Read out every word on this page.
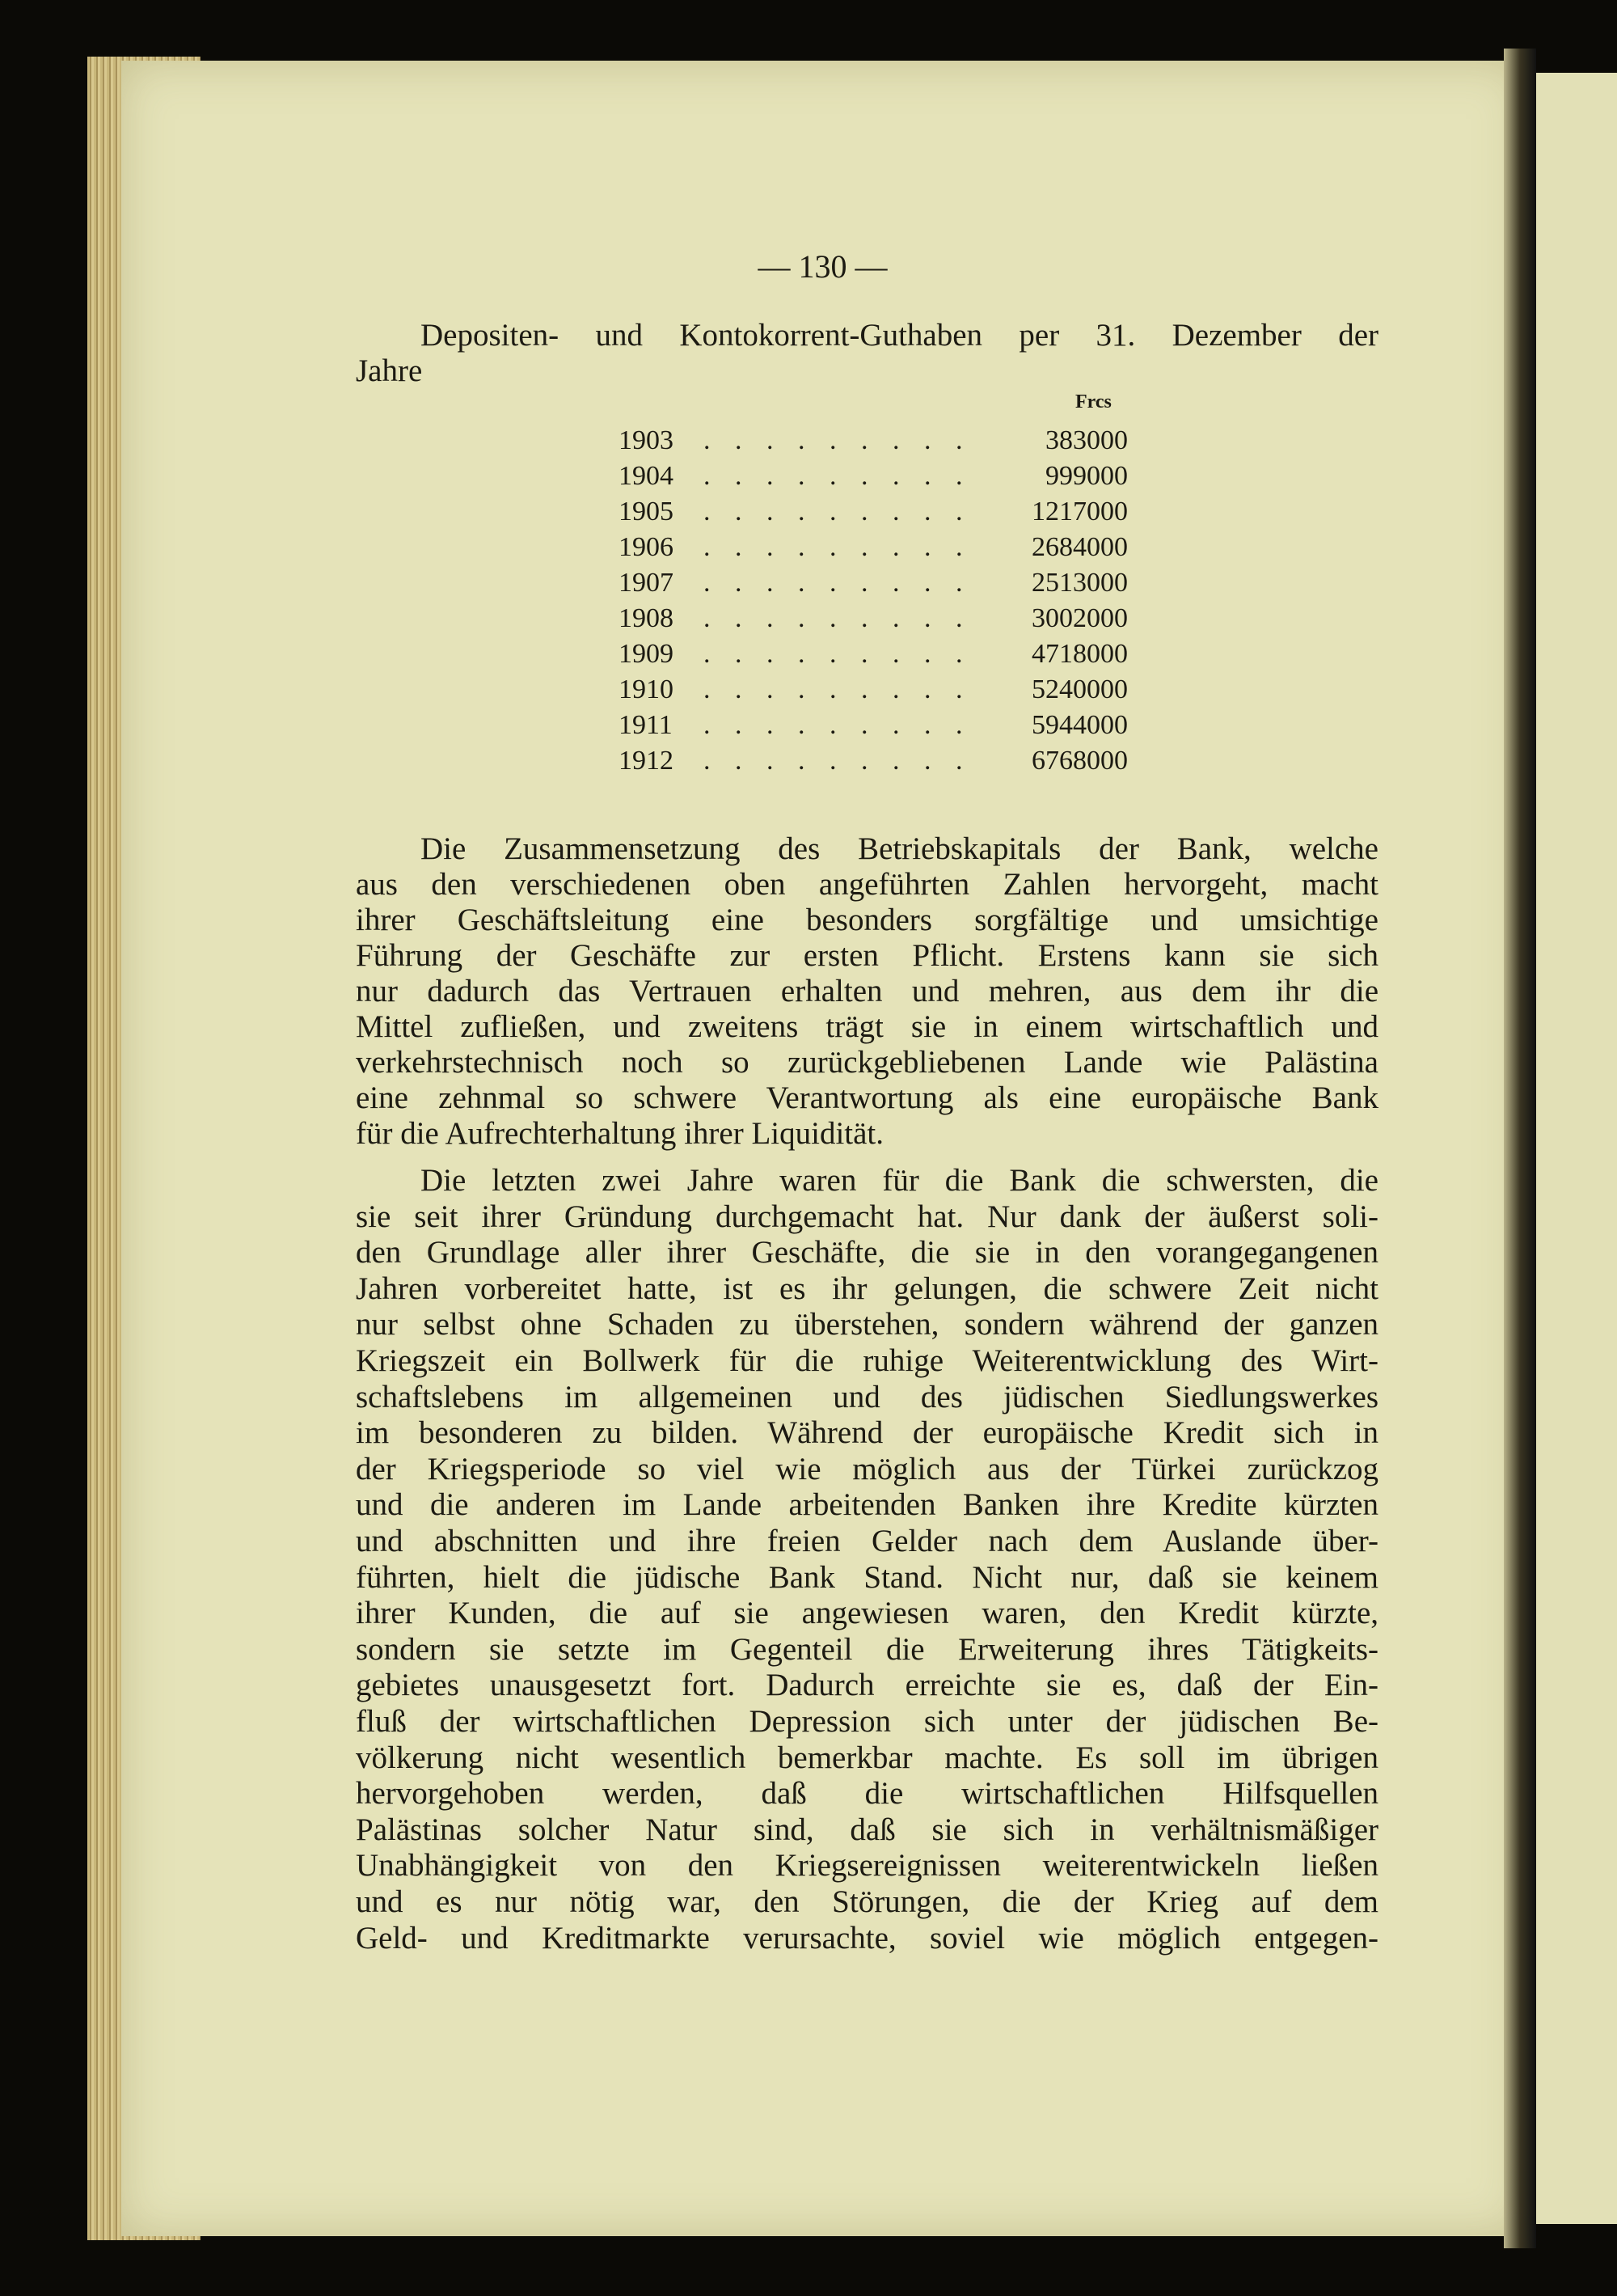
— 130 —
Depositen- und Kontokorrent-Guthaben per 31. Dezember der
Jahre
Frcs
1903 . . . . . . . . .	383000
1904 . . . . . . . . .	999000
1905 . . . . . . . . . 1217000
1906 . . . . . . . . . 2684000
1907 . . . . . . . . . 2513000
1908 . . . . . . . . . 3002000
1909 . . . . . . . . . 4718000
1910 . . . . . . . . . 5240000
1911 . . . . . . . . . 5944000
1912 . . . . . . . . . 6768000
Die Zusammensetzung des Betriebskapitals der Bank, welche
aus den verschiedenen oben angeführten Zahlen hervorgeht, macht
ihrer Geschäftsleitung eine besonders sorgfältige und umsichtige
Führung der Geschäfte zur ersten Pflicht. Erstens kann sie sich
nur dadurch das Vertrauen erhalten und mehren, aus dem ihr die
Mittel zufließen, und zweitens trägt sie in einem wirtschaftlich und
verkehrstechnisch noch so zurückgebliebenen Lande wie Palästina
eine zehnmal so schwere Verantwortung als eine europäische Bank
für die Aufrechterhaltung ihrer Liquidität.
Die letzten zwei Jahre waren für die Bank die schwersten, die
sie seit ihrer Gründung durchgemacht hat. Nur dank der äußerst soli-
den Grundlage aller ihrer Geschäfte, die sie in den vorangegangenen
Jahren vorbereitet hatte, ist es ihr gelungen, die schwere Zeit nicht
nur selbst ohne Schaden zu überstehen, sondern während der ganzen
Kriegszeit ein Bollwerk für die ruhige Weiterentwicklung des Wirt-
schaftslebens im allgemeinen und des jüdischen Siedlungswerkes
im besonderen zu bilden. Während der europäische Kredit sich in
der Kriegsperiode so viel wie möglich aus der Türkei zurückzog
und die anderen im Lande arbeitenden Banken ihre Kredite kürzten
und abschnitten und ihre freien Gelder nach dem Auslande über-
führten, hielt die jüdische Bank Stand. Nicht nur, daß sie keinem
ihrer Kunden, die auf sie angewiesen waren, den Kredit kürzte,
sondern sie setzte im Gegenteil die Erweiterung ihres Tätigkeits-
gebietes unausgesetzt fort. Dadurch erreichte sie es, daß der Ein-
fluß der wirtschaftlichen Depression sich unter der jüdischen Be-
völkerung nicht wesentlich bemerkbar machte. Es soll im übrigen
hervorgehoben werden, daß die wirtschaftlichen Hilfsquellen
Palästinas solcher Natur sind, daß sie sich in verhältnismäßiger
Unabhängigkeit von den Kriegsereignissen weiterentwickeln ließen
und es nur nötig war, den Störungen, die der Krieg auf dem
Geld- und Kreditmarkte verursachte, soviel wie möglich entgegen-
